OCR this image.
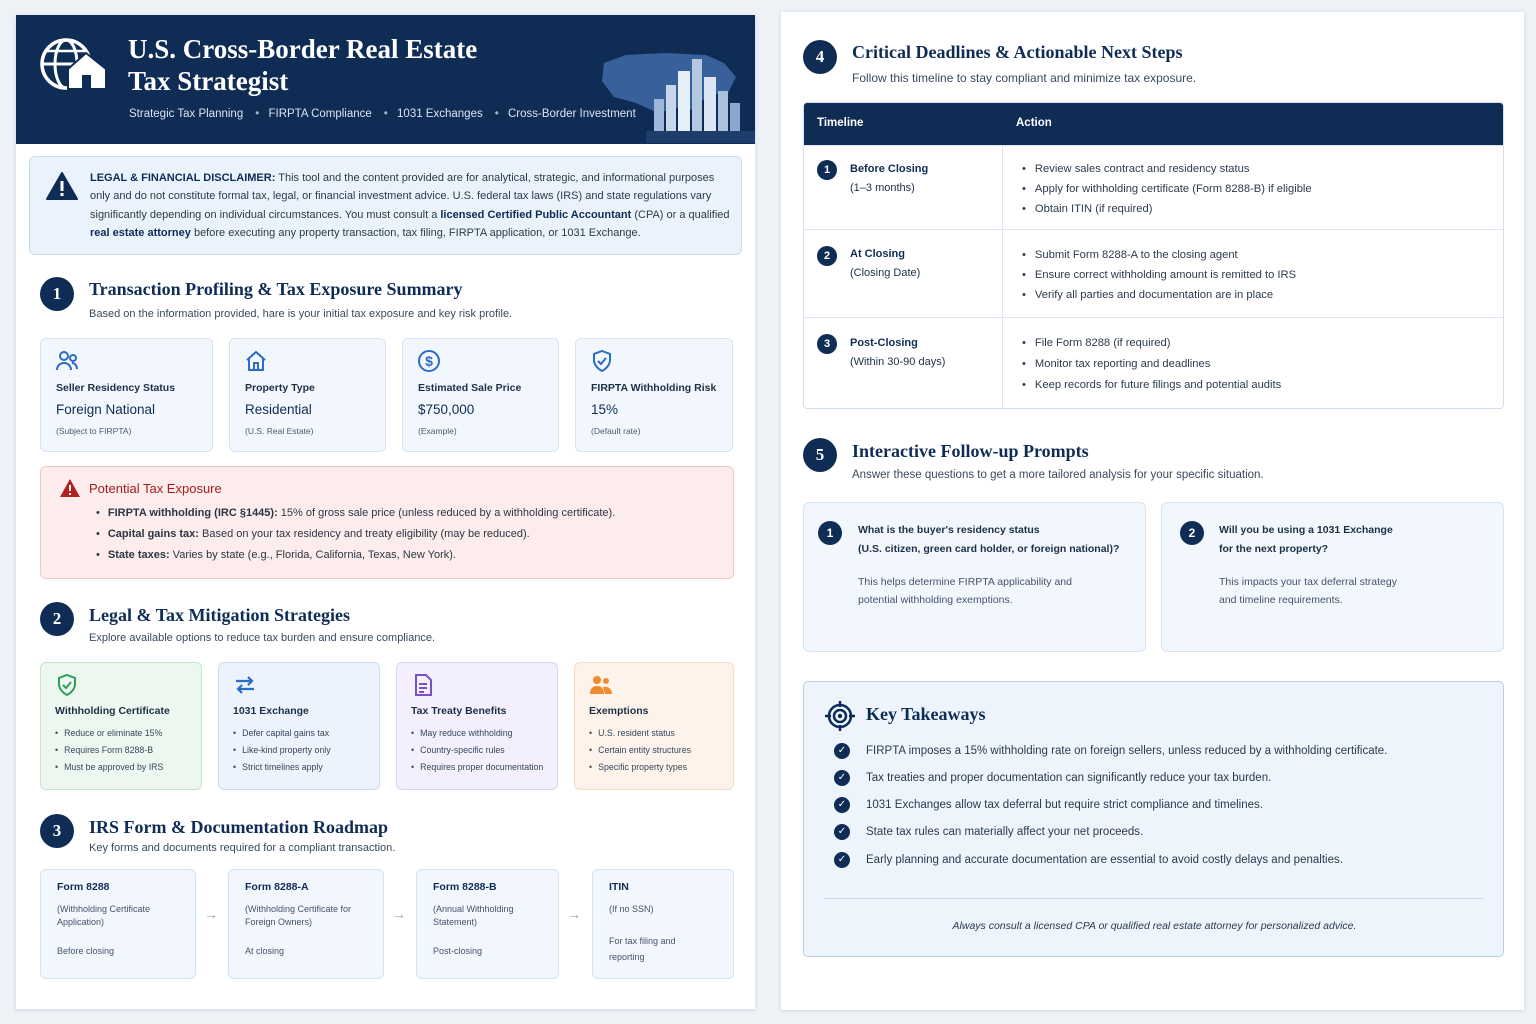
U.S. Cross-Border Real Estate
Tax Strategist
Strategic Tax Planning • FIRPTA Compliance • 1031 Exchanges • Cross-Border Investment
LEGAL & FINANCIAL DISCLAIMER: This tool and the content provided are for analytical, strategic, and informational purposes only and do not constitute formal tax, legal, or financial investment advice. U.S. federal tax laws (IRS) and state regulations vary significantly depending on individual circumstances. You must consult a licensed Certified Public Accountant (CPA) or a qualified real estate attorney before executing any property transaction, tax filing, FIRPTA application, or 1031 Exchange.
1	Transaction Profiling & Tax Exposure Summary
Based on the information provided, hare is your initial tax exposure and key risk profile.
Seller Residency Status
Foreign National
(Subject to FIRPTA)
Property Type
Residential
(U.S. Real Estate)
$
Estimated Sale Price
$750,000
(Example)
FIRPTA Withholding Risk
15%
(Default rate)
Potential Tax Exposure
• FIRPTA withholding (IRC §1445): 15% of gross sale price (unless reduced by a withholding certificate).
• Capital gains tax: Based on your tax residency and treaty eligibility (may be reduced).
• State taxes: Varies by state (e.g., Florida, California, Texas, New York).
2	Legal & Tax Mitigation Strategies
Explore available options to reduce tax burden and ensure compliance.
Withholding Certificate
• Reduce or eliminate 15%
• Requires Form 8288-B
• Must be approved by IRS
1031 Exchange
• Defer capital gains tax
• Like-kind property only
• Strict timelines apply
Tax Treaty Benefits
• May reduce withholding
• Country-specific rules
• Requires proper documentation
Exemptions
• U.S. resident status
• Certain entity structures
• Specific property types
3	IRS Form & Documentation Roadmap
Key forms and documents required for a compliant transaction.
Form 8288
(Withholding Certificate Application)
Before closing
→
Form 8288-A
(Withholding Certificate for Foreign Owners)
At closing
→
Form 8288-B
(Annual Withholding Statement)
Post-closing
→
ITIN
(If no SSN)
For tax filing and reporting
4	Critical Deadlines & Actionable Next Steps
Follow this timeline to stay compliant and minimize tax exposure.
Timeline	Action
1	Before Closing
(1–3 months)
• Review sales contract and residency status
• Apply for withholding certificate (Form 8288-B) if eligible
• Obtain ITIN (if required)
2	At Closing
(Closing Date)
• Submit Form 8288-A to the closing agent
• Ensure correct withholding amount is remitted to IRS
• Verify all parties and documentation are in place
3	Post-Closing
(Within 30-90 days)
• File Form 8288 (if required)
• Monitor tax reporting and deadlines
• Keep records for future filings and potential audits
5	Interactive Follow-up Prompts
Answer these questions to get a more tailored analysis for your specific situation.
1	What is the buyer's residency status
(U.S. citizen, green card holder, or foreign national)?
This helps determine FIRPTA applicability and
potential withholding exemptions.
2	Will you be using a 1031 Exchange
for the next property?
This impacts your tax deferral strategy
and timeline requirements.
Key Takeaways
✓ FIRPTA imposes a 15% withholding rate on foreign sellers, unless reduced by a withholding certificate.
✓ Tax treaties and proper documentation can significantly reduce your tax burden.
✓ 1031 Exchanges allow tax deferral but require strict compliance and timelines.
✓ State tax rules can materially affect your net proceeds.
✓ Early planning and accurate documentation are essential to avoid costly delays and penalties.
Always consult a licensed CPA or qualified real estate attorney for personalized advice.
